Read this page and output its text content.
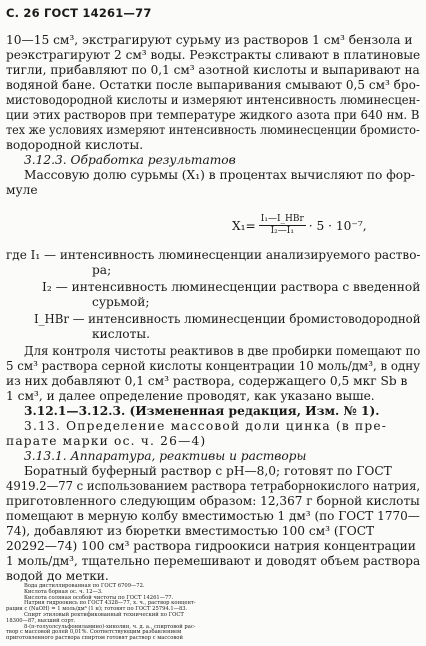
С. 26 ГОСТ 14261—77
10—15 см³, экстрагируют сурьму из растворов 1 см³ бензола и
реэкстрагируют 2 см³ воды. Реэкстракты сливают в платиновые
тигли, прибавляют по 0,1 см³ азотной кислоты и выпаривают на
водяной бане. Остатки после выпаривания смывают 0,5 см³ бро-
мистоводородной кислоты и измеряют интенсивность люминесцен-
ции этих растворов при температуре жидкого азота при 640 нм. В
тех же условиях измеряют интенсивность люминесценции бромисто-
водородной кислоты.
3.12.3. Обработка результатов
Массовую долю сурьмы (X₁) в процентах вычисляют по фор-
муле
$X_1= \frac{\text{I₁—I\_HBr}}{\text{I₂—I₁}} \cdot 5 \cdot 10^{-7}$,
где I₁ — интенсивность люминесценции анализируемого раство-
ра;
I₂ — интенсивность люминесценции раствора с введенной
сурьмой;
I_HBr — интенсивность люминесценции бромистоводородной
кислоты.
Для контроля чистоты реактивов в две пробирки помещают по
5 см³ раствора серной кислоты концентрации 10 моль/дм³, в одну
из них добавляют 0,1 см³ раствора, содержащего 0,5 мкг Sb в
1 см³, и далее определение проводят, как указано выше.
3.12.1—3.12.3. (Измененная редакция, Изм. № 1).
3.13. Определение массовой доли цинка (в пре-
парате марки ос. ч. 26—4)
3.13.1. Аппаратура, реактивы и растворы
Боратный буферный раствор с рН—8,0; готовят по ГОСТ
4919.2—77 с использованием раствора тетраборнокислого натрия,
приготовленного следующим образом: 12,367 г борной кислоты
помещают в мерную колбу вместимостью 1 дм³ (по ГОСТ 1770—
74), добавляют из бюретки вместимостью 100 см³ (ГОСТ
20292—74) 100 см³ раствора гидроокиси натрия концентрации
1 моль/дм³, тщательно перемешивают и доводят объем раствора
водой до метки.
Вода дистиллированная по ГОСТ 6709—72.
Кислота борная ос. ч. 12—3.
Кислота соляная особой чистоты по ГОСТ 14261—77.
Натрия гидроокись по ГОСТ 4328—77, х. ч., раствор концент-
рации с (NaOH) = 1 моль/дм³ (1 н); готовят по ГОСТ 25794.1—83.
Спирт этиловый ректификованный технический по ГОСТ
18300—87, высший сорт.
8-(п-толуолсульфониламино)-хинолин, ч. д. а., спиртовой рас-
твор с массовой долей 0,01%. Соответствующим разбавлением
приготовленного раствора спиртом готовят раствор с массовой
